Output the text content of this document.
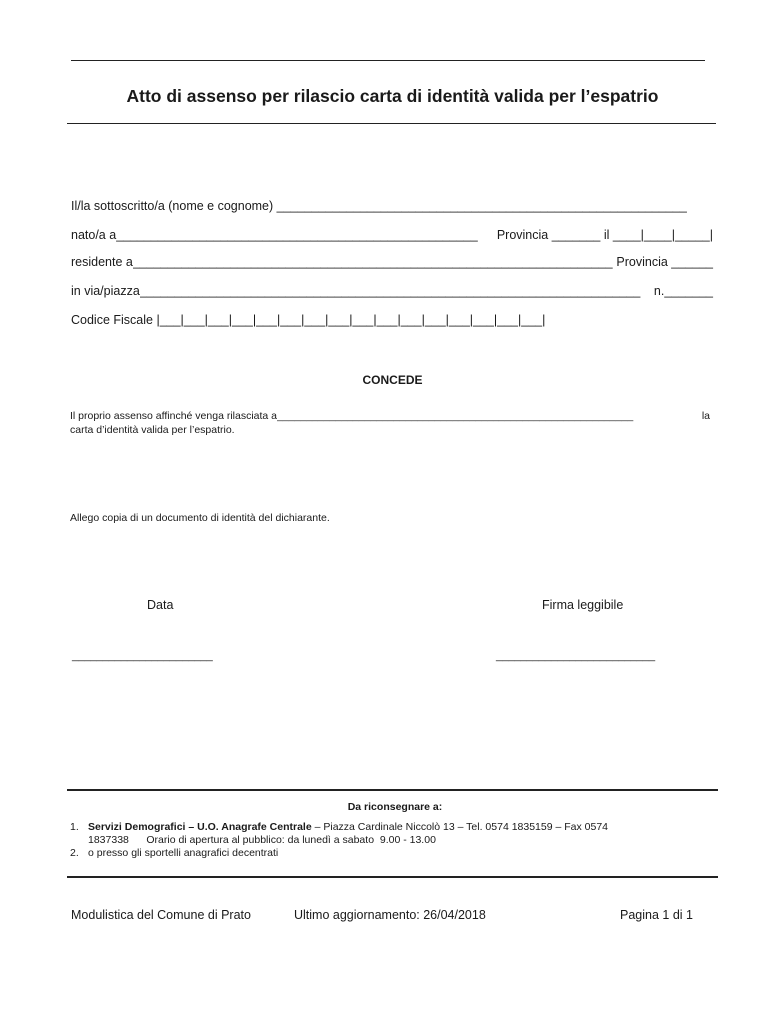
Atto di assenso per rilascio carta di identità valida per l’espatrio
Il/la sottoscritto/a (nome e cognome) ___________________________________________________________
nato/a a ____________________________________________________	Provincia _______ il ____|____|_____|
residente a _____________________________________________________________________ Provincia ______
in via/piazza ________________________________________________________________________	n._______
Codice Fiscale |___|___|___|___|___|___|___|___|___|___|___|___|___|___|___|___|
CONCEDE
Il proprio assenso affinché venga rilasciata a _____________________________________________________________	la
carta d’identità valida per l’espatrio.
Allego copia di un documento di identità del dichiarante.
Data	Firma leggibile
_______________________	__________________________
Da riconsegnare a:
1. Servizi Demografici – U.O. Anagrafe Centrale – Piazza Cardinale Niccolò 13 – Tel. 0574 1835159 – Fax 0574
1837338      Orario di apertura al pubblico: da lunedì a sabato  9.00 - 13.00
2. o presso gli sportelli anagrafici decentrati
Modulistica del Comune di Prato	Ultimo aggiornamento: 26/04/2018	Pagina 1 di 1
